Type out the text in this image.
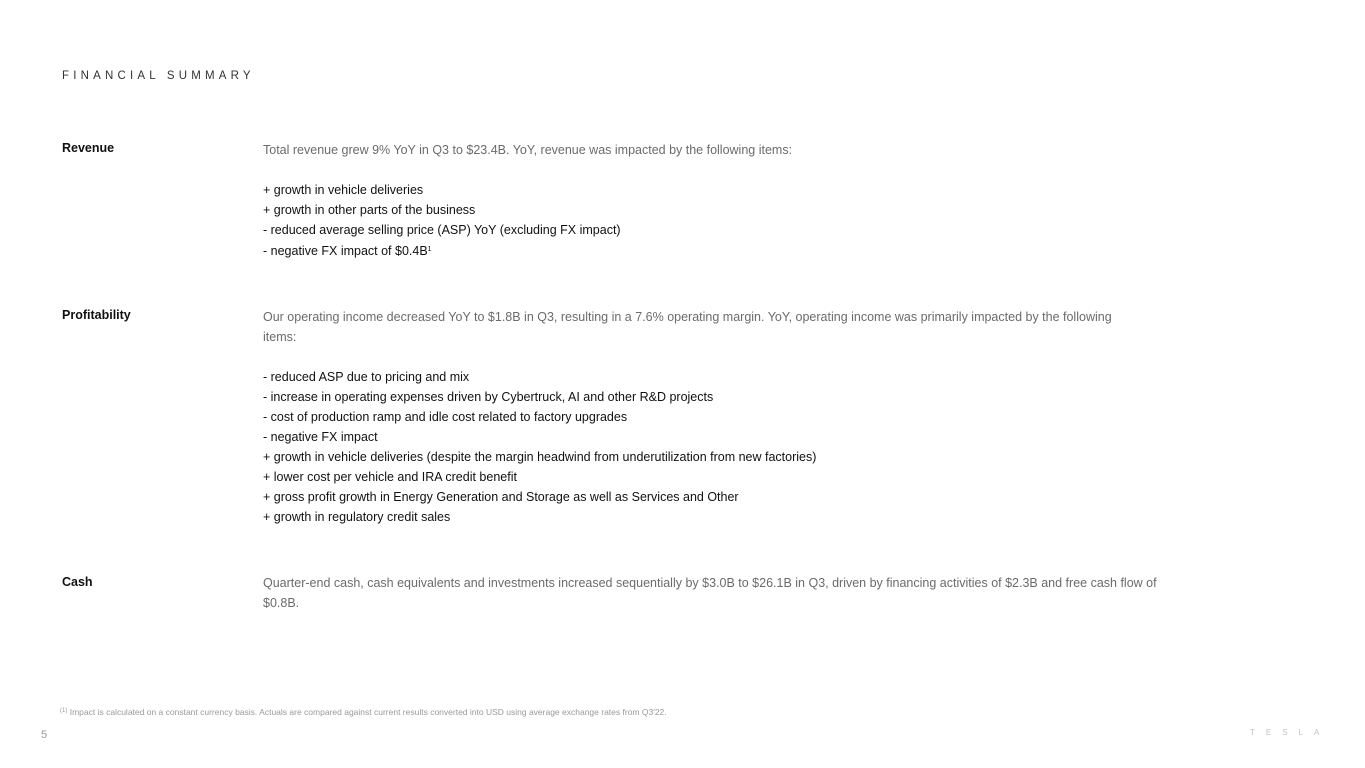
FINANCIAL SUMMARY
Revenue	Total revenue grew 9% YoY in Q3 to $23.4B. YoY, revenue was impacted by the following items:

+ growth in vehicle deliveries
+ growth in other parts of the business
- reduced average selling price (ASP) YoY (excluding FX impact)
- negative FX impact of $\$0.4B^1$
Profitability	Our operating income decreased YoY to $1.8B in Q3, resulting in a 7.6% operating margin. YoY, operating income was primarily impacted by the following items:

- reduced ASP due to pricing and mix
- increase in operating expenses driven by Cybertruck, AI and other R&D projects
- cost of production ramp and idle cost related to factory upgrades
- negative FX impact
+ growth in vehicle deliveries (despite the margin headwind from underutilization from new factories)
+ lower cost per vehicle and IRA credit benefit
+ gross profit growth in Energy Generation and Storage as well as Services and Other
+ growth in regulatory credit sales
Cash	Quarter-end cash, cash equivalents and investments increased sequentially by $3.0B to $26.1B in Q3, driven by financing activities of $2.3B and free cash flow of $0.8B.

$^{(1)}$ Impact is calculated on a constant currency basis. Actuals are compared against current results converted into USD using average exchange rates from Q3'22.
5	TESLA
